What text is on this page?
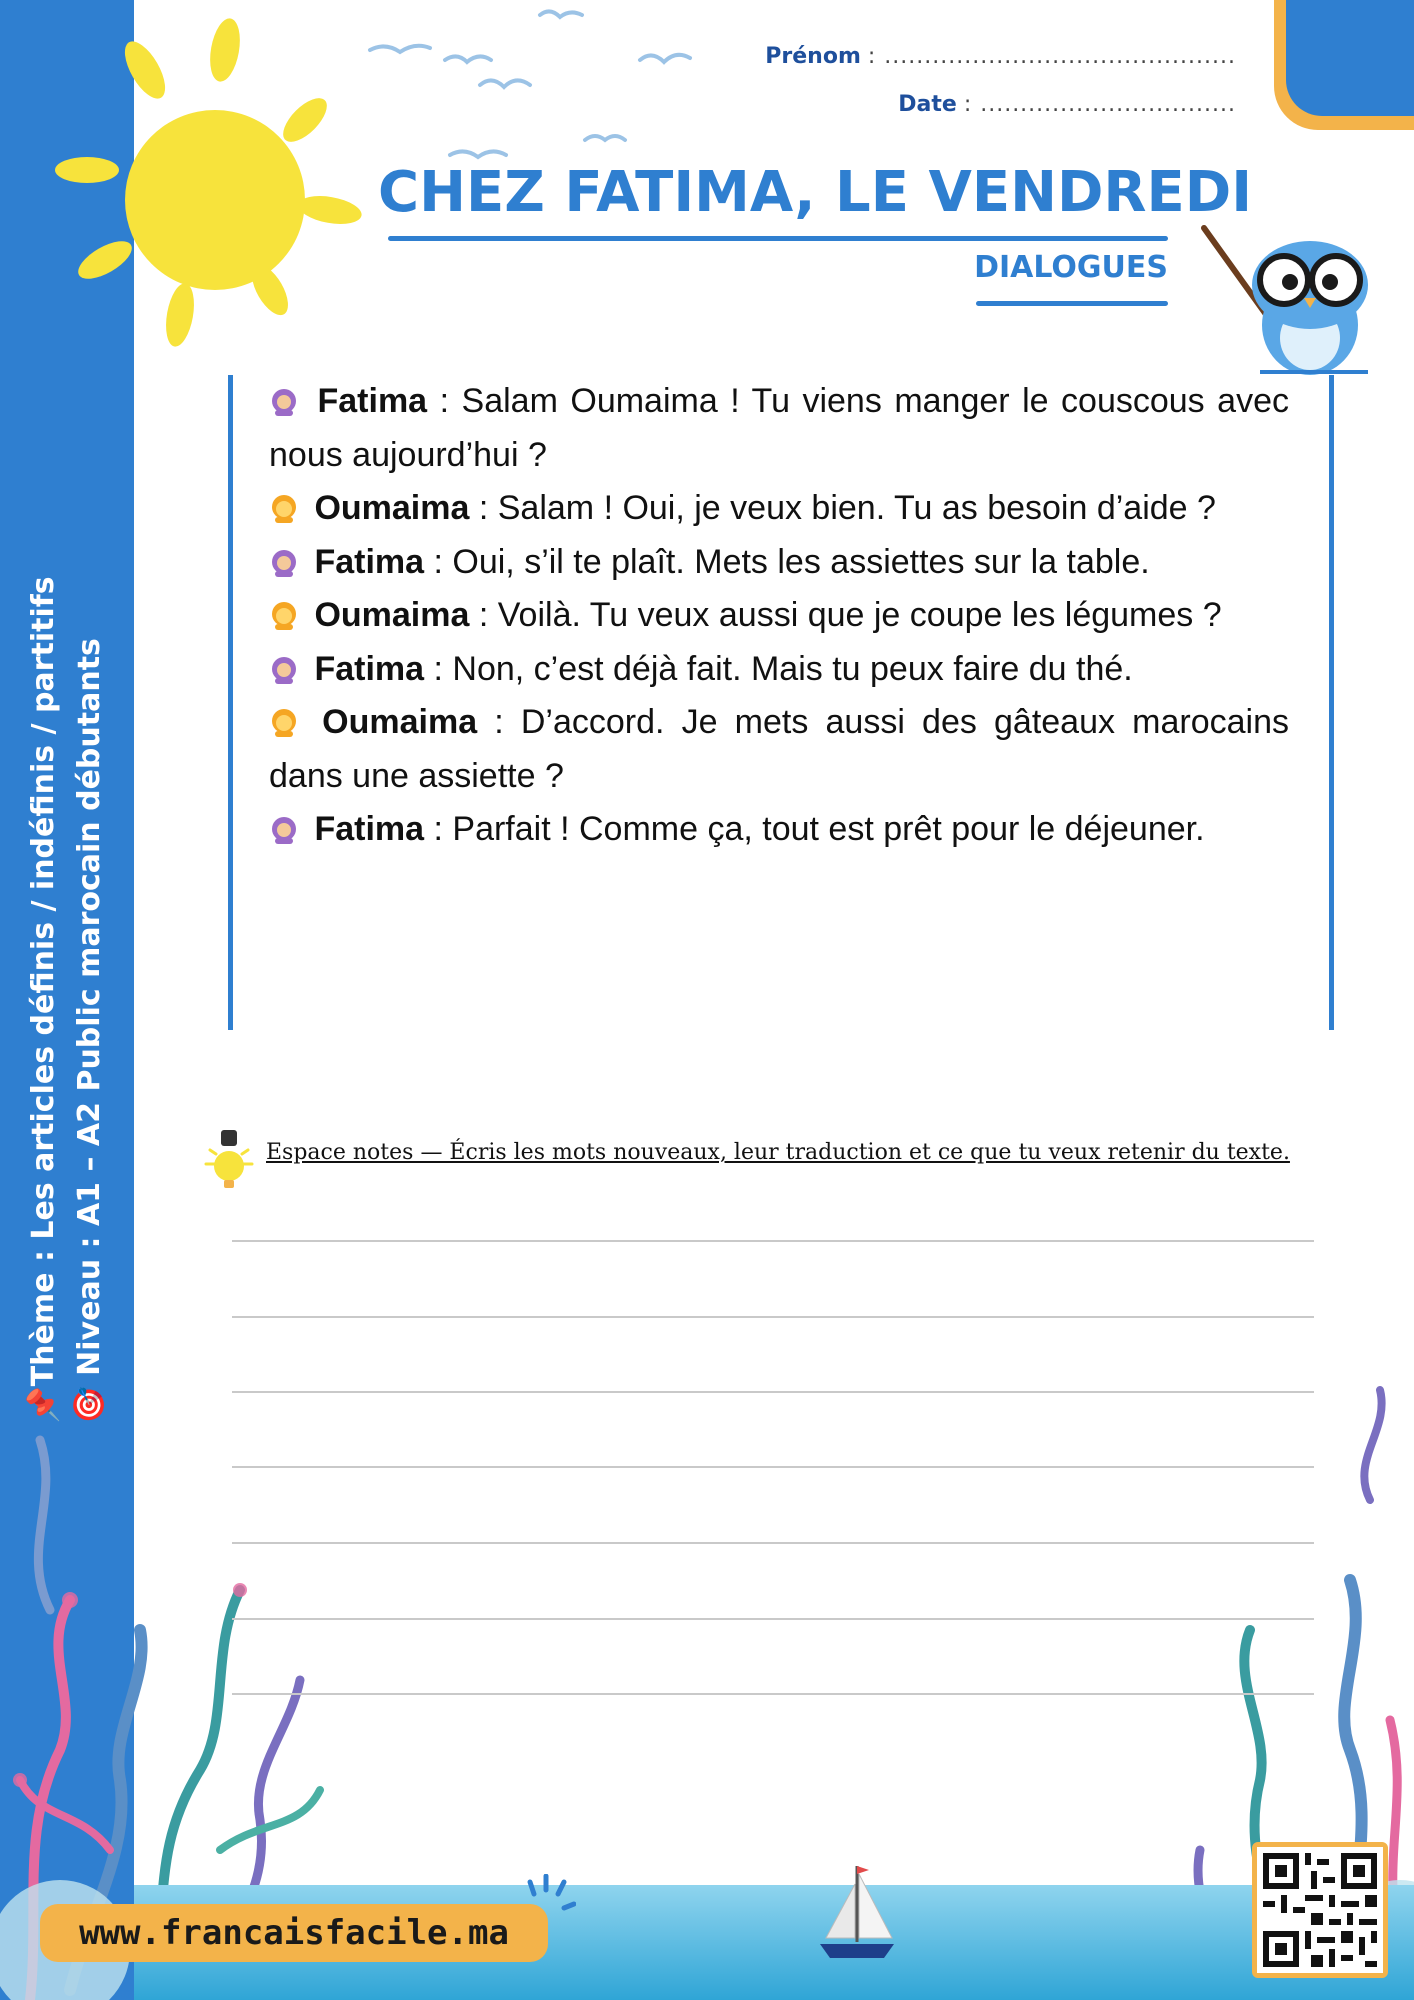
📌Thème : Les articles définis / indéfinis / partitifs 🎯 Niveau : A1 – A2 Public marocain débutants
Prénom : ............................................
Date : ................................
CHEZ FATIMA, LE VENDREDI
DIALOGUES

Fatima : Salam Oumaima ! Tu viens manger le couscous avec nous aujourd’hui ?

Oumaima : Salam ! Oui, je veux bien. Tu as besoin d’aide ?

Fatima : Oui, s’il te plaît. Mets les assiettes sur la table.

Oumaima : Voilà. Tu veux aussi que je coupe les légumes ?

Fatima : Non, c’est déjà fait. Mais tu peux faire du thé.

Oumaima : D’accord. Je mets aussi des gâteaux marocains dans une assiette ?

Fatima : Parfait ! Comme ça, tout est prêt pour le déjeuner.

Espace notes — Écris les mots nouveaux, leur traduction et ce que tu veux retenir du texte.
www.francaisfacile.ma
